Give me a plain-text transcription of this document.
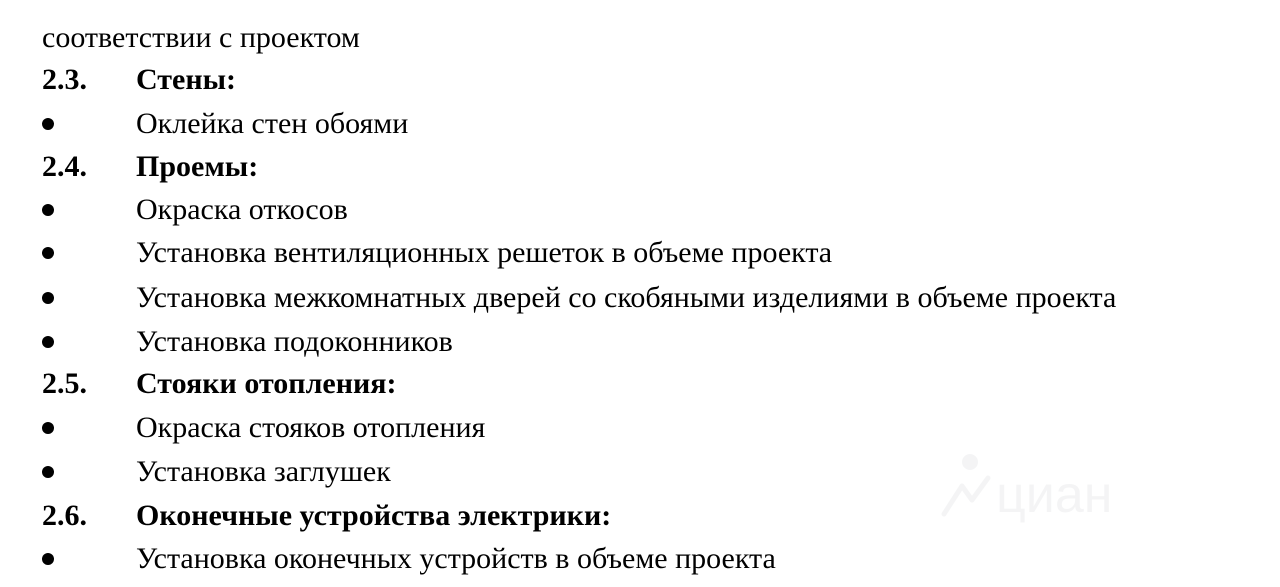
соответствии с проектом
2.3. Стены:
Оклейка стен обоями
2.4. Проемы:
Окраска откосов
Установка вентиляционных решеток в объеме проекта
Установка межкомнатных дверей со скобяными изделиями в объеме проекта
Установка подоконников
2.5. Стояки отопления:
Окраска стояков отопления
Установка заглушек
2.6. Оконечные устройства электрики:
Установка оконечных устройств в объеме проекта
циан
